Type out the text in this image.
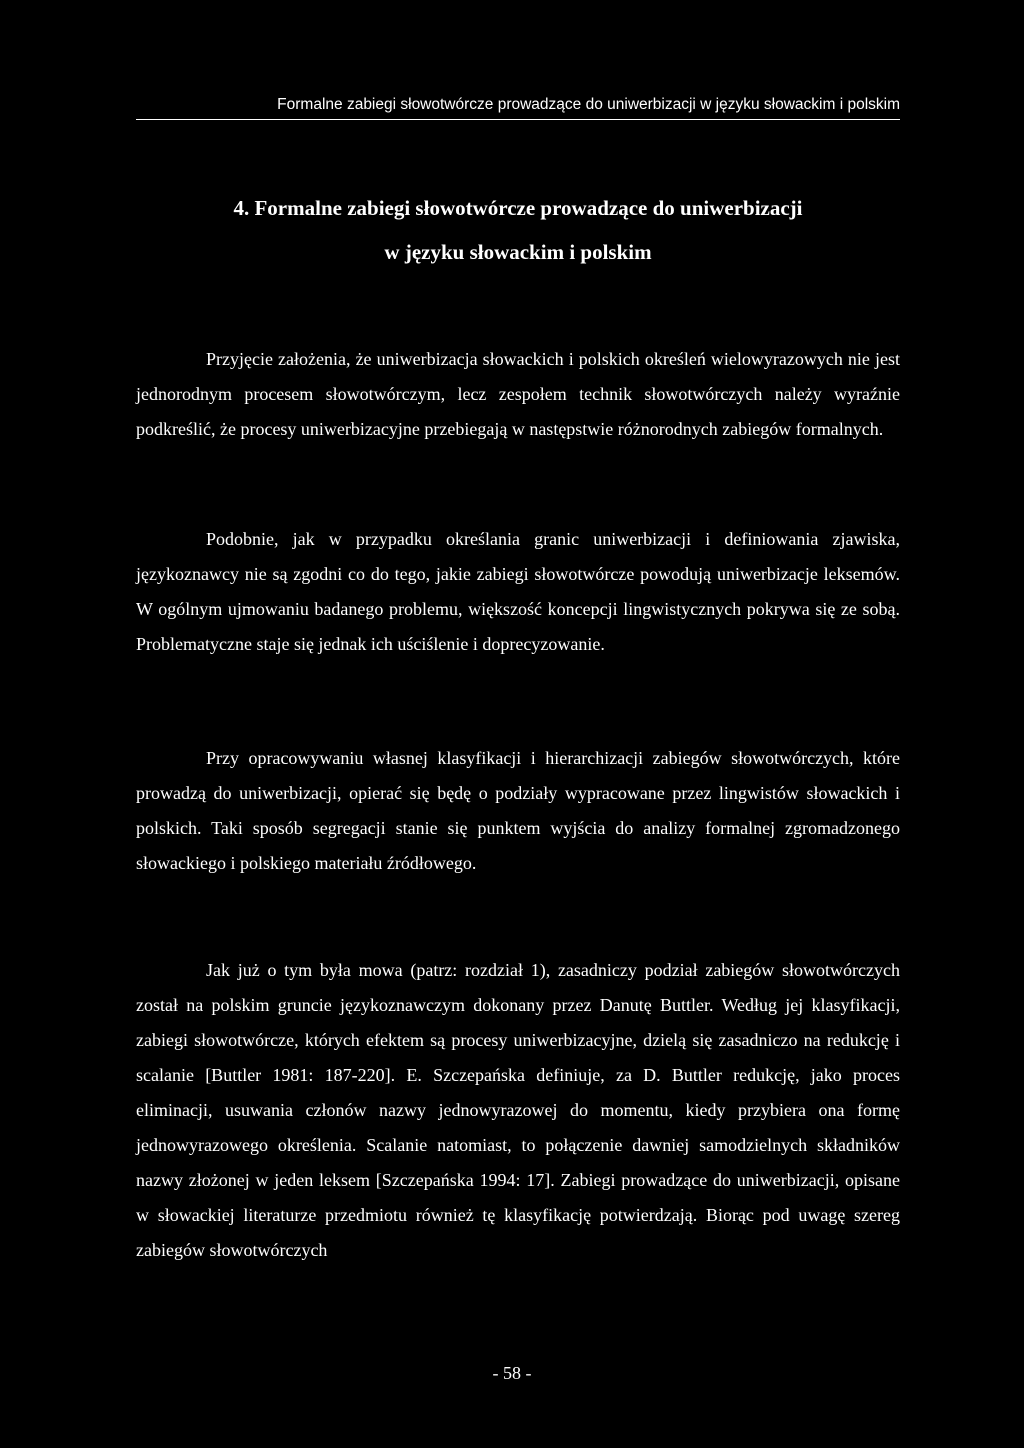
Formalne zabiegi słowotwórcze prowadzące do uniwerbizacji w języku słowackim i polskim
4. Formalne zabiegi słowotwórcze prowadzące do uniwerbizacji
w języku słowackim i polskim

Przyjęcie założenia, że uniwerbizacja słowackich i polskich określeń wielowyrazowych nie jest jednorodnym procesem słowotwórczym, lecz zespołem technik słowotwórczych należy wyraźnie podkreślić, że procesy uniwerbizacyjne przebiegają w następstwie różnorodnych zabiegów formalnych.

Podobnie, jak w przypadku określania granic uniwerbizacji i definiowania zjawiska, językoznawcy nie są zgodni co do tego, jakie zabiegi słowotwórcze powodują uniwerbizacje leksemów. W ogólnym ujmowaniu badanego problemu, większość koncepcji lingwistycznych pokrywa się ze sobą. Problematyczne staje się jednak ich uściślenie i doprecyzowanie.

Przy opracowywaniu własnej klasyfikacji i hierarchizacji zabiegów słowotwórczych, które prowadzą do uniwerbizacji, opierać się będę o podziały wypracowane przez lingwistów słowackich i polskich. Taki sposób segregacji stanie się punktem wyjścia do analizy formalnej zgromadzonego słowackiego i polskiego materiału źródłowego.

Jak już o tym była mowa (patrz: rozdział 1), zasadniczy podział zabiegów słowotwórczych został na polskim gruncie językoznawczym dokonany przez Danutę Buttler. Według jej klasyfikacji, zabiegi słowotwórcze, których efektem są procesy uniwerbizacyjne, dzielą się zasadniczo na redukcję i scalanie [Buttler 1981: 187-220]. E. Szczepańska definiuje, za D. Buttler redukcję, jako proces eliminacji, usuwania członów nazwy jednowyrazowej do momentu, kiedy przybiera ona formę jednowyrazowego określenia. Scalanie natomiast, to połączenie dawniej samodzielnych składników nazwy złożonej w jeden leksem [Szczepańska 1994: 17]. Zabiegi prowadzące do uniwerbizacji, opisane w słowackiej literaturze przedmiotu również tę klasyfikację potwierdzają. Biorąc pod uwagę szereg zabiegów słowotwórczych

- 58 -
